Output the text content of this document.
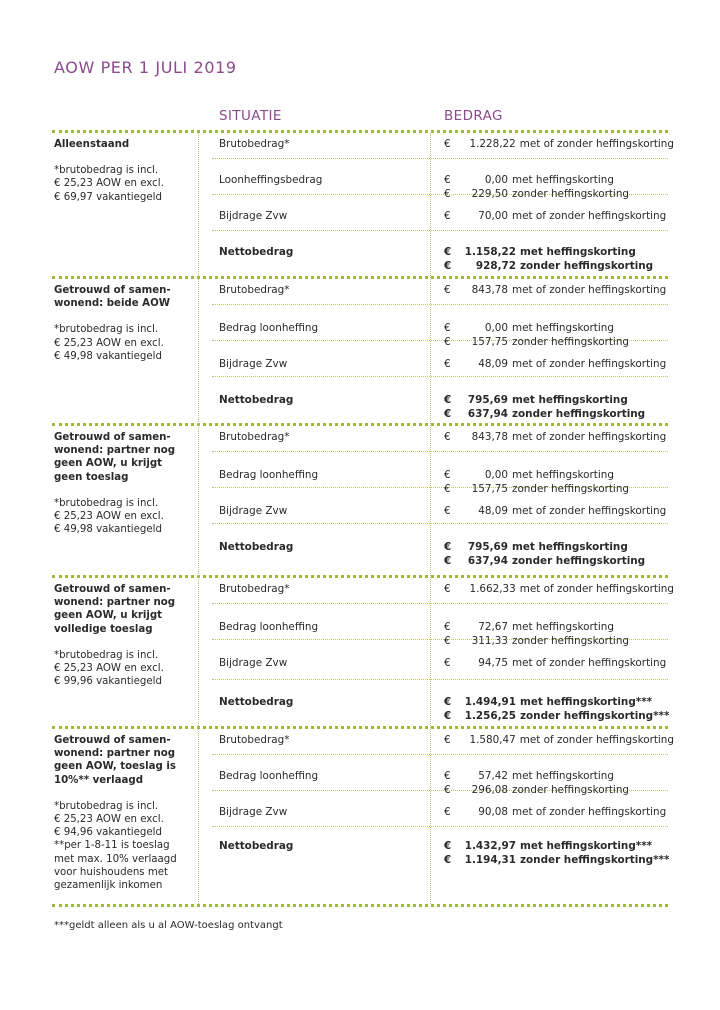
AOW PER 1 JULI 2019
SITUATIE	BEDRAG
Alleenstaand
*brutobedrag is incl.
€ 25,23 AOW en excl.
€ 69,97 vakantiegeld
Brutobedrag*	€	1.228,22 met of zonder heffingskorting
Loonheffingsbedrag	€	0,00 met heffingskorting
€	229,50 zonder heffingskorting
Bijdrage Zvw	€	70,00 met of zonder heffingskorting
Nettobedrag	€	1.158,22 met heffingskorting
€	928,72 zonder heffingskorting
Getrouwd of samen-
wonend: beide AOW
*brutobedrag is incl.
€ 25,23 AOW en excl.
€ 49,98 vakantiegeld
Brutobedrag*	€	843,78 met of zonder heffingskorting
Bedrag loonheffing	€	0,00 met heffingskorting
€	157,75 zonder heffingskorting
Bijdrage Zvw	€	48,09 met of zonder heffingskorting
Nettobedrag	€	795,69 met heffingskorting
€	637,94 zonder heffingskorting
Getrouwd of samen-
wonend: partner nog
geen AOW, u krijgt
geen toeslag
*brutobedrag is incl.
€ 25,23 AOW en excl.
€ 49,98 vakantiegeld
Brutobedrag*	€	843,78 met of zonder heffingskorting
Bedrag loonheffing	€	0,00 met heffingskorting
€	157,75 zonder heffingskorting
Bijdrage Zvw	€	48,09 met of zonder heffingskorting
Nettobedrag	€	795,69 met heffingskorting
€	637,94 zonder heffingskorting
Getrouwd of samen-
wonend: partner nog
geen AOW, u krijgt
volledige toeslag
*brutobedrag is incl.
€ 25,23 AOW en excl.
€ 99,96 vakantiegeld
Brutobedrag*	€	1.662,33 met of zonder heffingskorting
Bedrag loonheffing	€	72,67 met heffingskorting
€	311,33 zonder heffingskorting
Bijdrage Zvw	€	94,75 met of zonder heffingskorting
Nettobedrag	€	1.494,91 met heffingskorting***
€	1.256,25 zonder heffingskorting***
Getrouwd of samen-
wonend: partner nog
geen AOW, toeslag is
10%** verlaagd
*brutobedrag is incl.
€ 25,23 AOW en excl.
€ 94,96 vakantiegeld
**per 1-8-11 is toeslag
met max. 10% verlaagd
voor huishoudens met
gezamenlijk inkomen
Brutobedrag*	€	1.580,47 met of zonder heffingskorting
Bedrag loonheffing	€	57,42 met heffingskorting
€	296,08 zonder heffingskorting
Bijdrage Zvw	€	90,08 met of zonder heffingskorting
Nettobedrag	€	1.432,97 met heffingskorting***
€	1.194,31 zonder heffingskorting***
***geldt alleen als u al AOW-toeslag ontvangt
